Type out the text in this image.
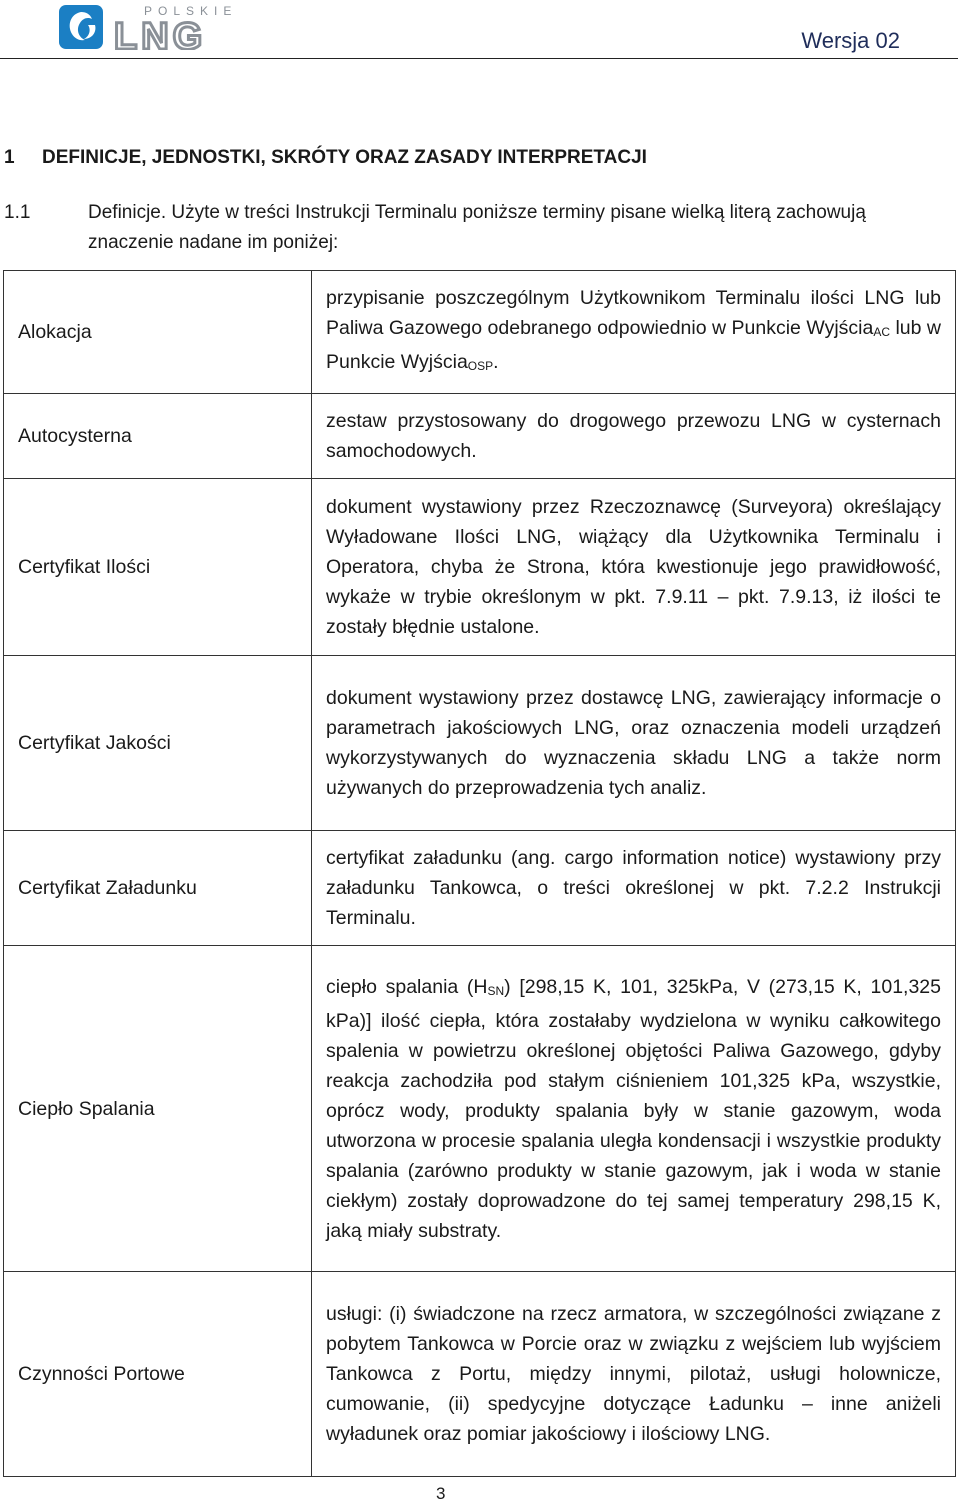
POLSKIE
LNG	Wersja 02
1 DEFINICJE, JEDNOSTKI, SKRÓTY ORAZ ZASADY INTERPRETACJI
1.1	Definicje. Użyte w treści Instrukcji Terminalu poniższe terminy pisane wielką literą zachowują znaczenie nadane im poniżej:
Alokacja	przypisanie poszczególnym Użytkownikom Terminalu ilości LNG lub Paliwa Gazowego odebranego odpowiednio w Punkcie WyjściaAC lub w Punkcie WyjściaOSP.
Autocysterna	zestaw przystosowany do drogowego przewozu LNG w cysternach samochodowych.
Certyfikat Ilości	dokument wystawiony przez Rzeczoznawcę (Surveyora) określający Wyładowane Ilości LNG, wiążący dla Użytkownika Terminalu i Operatora, chyba że Strona, która kwestionuje jego prawidłowość, wykaże w trybie określonym w pkt. 7.9.11 – pkt. 7.9.13, iż ilości te zostały błędnie ustalone.
Certyfikat Jakości	dokument wystawiony przez dostawcę LNG, zawierający informacje o parametrach jakościowych LNG, oraz oznaczenia modeli urządzeń wykorzystywanych do wyznaczenia składu LNG a także norm używanych do przeprowadzenia tych analiz.
Certyfikat Załadunku	certyfikat załadunku (ang. cargo information notice) wystawiony przy załadunku Tankowca, o treści określonej w pkt. 7.2.2 Instrukcji Terminalu.
Ciepło Spalania	ciepło spalania (HSN) [298,15 K, 101, 325kPa, V (273,15 K, 101,325 kPa)] ilość ciepła, która zostałaby wydzielona w wyniku całkowitego spalenia w powietrzu określonej objętości Paliwa Gazowego, gdyby reakcja zachodziła pod stałym ciśnieniem 101,325 kPa, wszystkie, oprócz wody, produkty spalania były w stanie gazowym, woda utworzona w procesie spalania uległa kondensacji i wszystkie produkty spalania (zarówno produkty w stanie gazowym, jak i woda w stanie ciekłym) zostały doprowadzone do tej samej temperatury 298,15 K, jaką miały substraty.
Czynności Portowe	usługi: (i) świadczone na rzecz armatora, w szczególności związane z pobytem Tankowca w Porcie oraz w związku z wejściem lub wyjściem Tankowca z Portu, między innymi, pilotaż, usługi holownicze, cumowanie, (ii) spedycyjne dotyczące Ładunku – inne aniżeli wyładunek oraz pomiar jakościowy i ilościowy LNG.
3
